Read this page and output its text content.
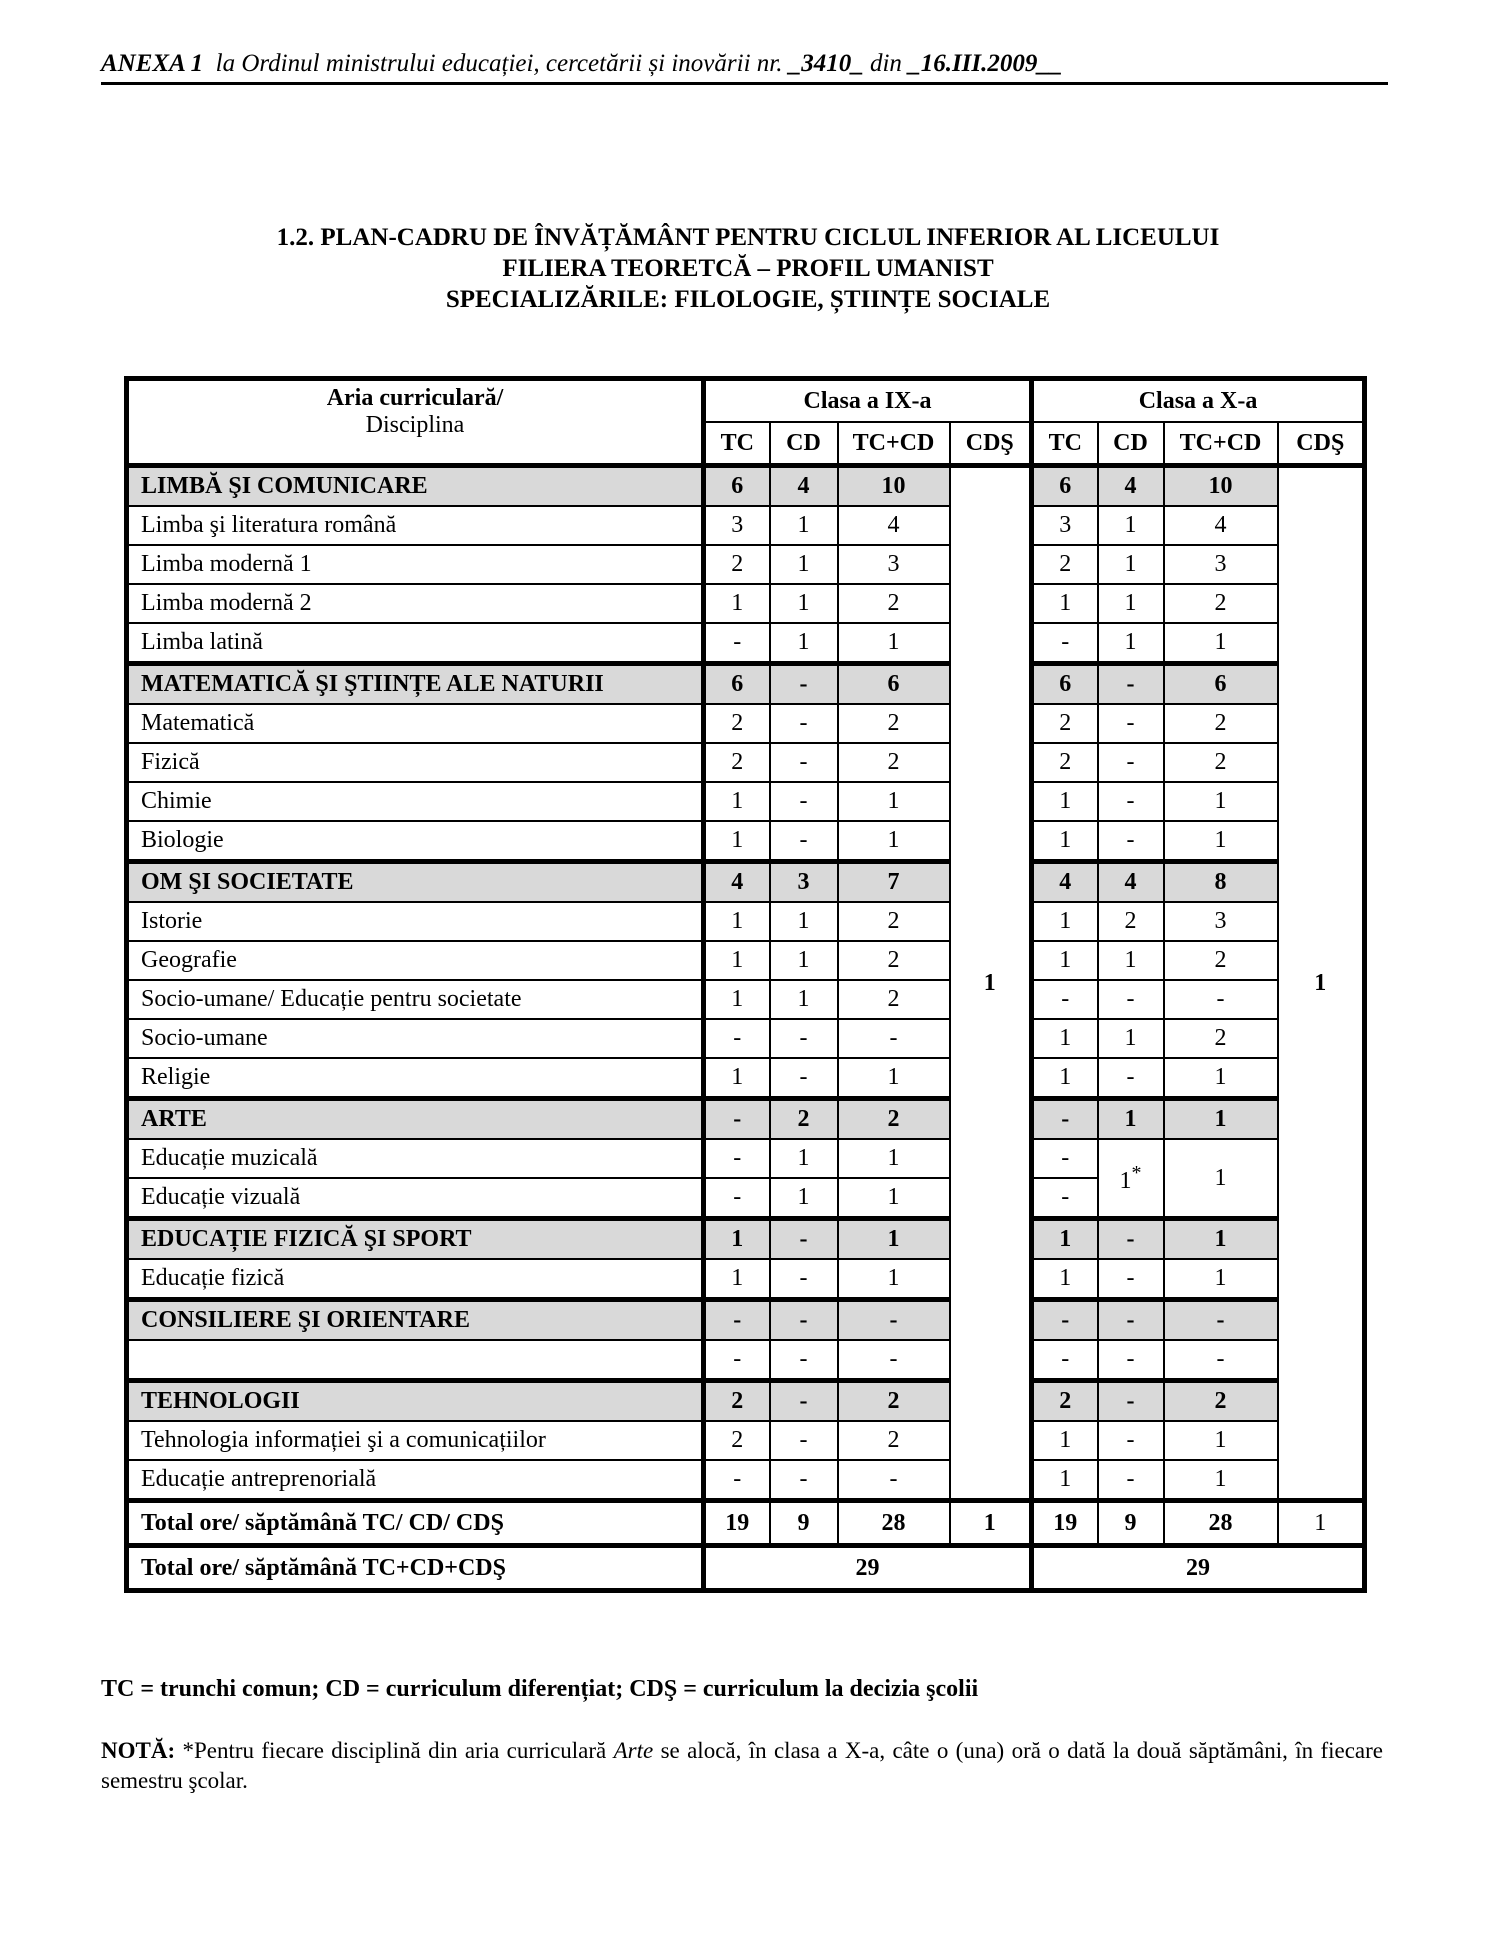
ANEXA 1 la Ordinul ministrului educației, cercetării și inovării nr. _3410_ din _16.III.2009__
1.2. PLAN-CADRU DE ÎNVĂȚĂMÂNT PENTRU CICLUL INFERIOR AL LICEULUI
FILIERA TEORETCĂ – PROFIL UMANIST
SPECIALIZĂRILE: FILOLOGIE, ȘTIINȚE SOCIALE
Aria curriculară/
Disciplina	Clasa a IX-a				Clasa a X-a			
	TC	CD	TC+CD	CDŞ	TC	CD	TC+CD	CDŞ
LIMBĂ ŞI COMUNICARE	6	4	10	1	6	4	10	1
Limba şi literatura română	3	1	4		3	1	4	
Limba modernă 1	2	1	3		2	1	3	
Limba modernă 2	1	1	2		1	1	2	
Limba latină	-	1	1		-	1	1	
MATEMATICĂ ŞI ŞTIINȚE ALE NATURII	6	-	6		6	-	6	
Matematică	2	-	2		2	-	2	
Fizică	2	-	2		2	-	2	
Chimie	1	-	1		1	-	1	
Biologie	1	-	1		1	-	1	
OM ŞI SOCIETATE	4	3	7		4	4	8	
Istorie	1	1	2		1	2	3	
Geografie	1	1	2		1	1	2	
Socio-umane/ Educație pentru societate	1	1	2		-	-	-	
Socio-umane	-	-	-		1	1	2	
Religie	1	-	1		1	-	1	
ARTE	-	2	2		-	1	1	
Educație muzicală	-	1	1		-	1*	1	
Educație vizuală	-	1	1		-			
EDUCAȚIE FIZICĂ ŞI SPORT	1	-	1		1	-	1	
Educație fizică	1	-	1		1	-	1	
CONSILIERE ŞI ORIENTARE	-	-	-		-	-	-	
	-	-	-		-	-	-	
TEHNOLOGII	2	-	2		2	-	2	
Tehnologia informației şi a comunicațiilor	2	-	2		1	-	1	
Educație antreprenorială	-	-	-		1	-	1	
Total ore/ săptămână TC/ CD/ CDŞ	19	9	28	1	19	9	28	1
Total ore/ săptămână TC+CD+CDŞ	29				29			
TC = trunchi comun; CD = curriculum diferențiat; CDŞ = curriculum la decizia şcolii
NOTĂ: *Pentru fiecare disciplină din aria curriculară Arte se alocă, în clasa a X-a, câte o (una) oră o dată la două săptămâni, în fiecare semestru şcolar.
